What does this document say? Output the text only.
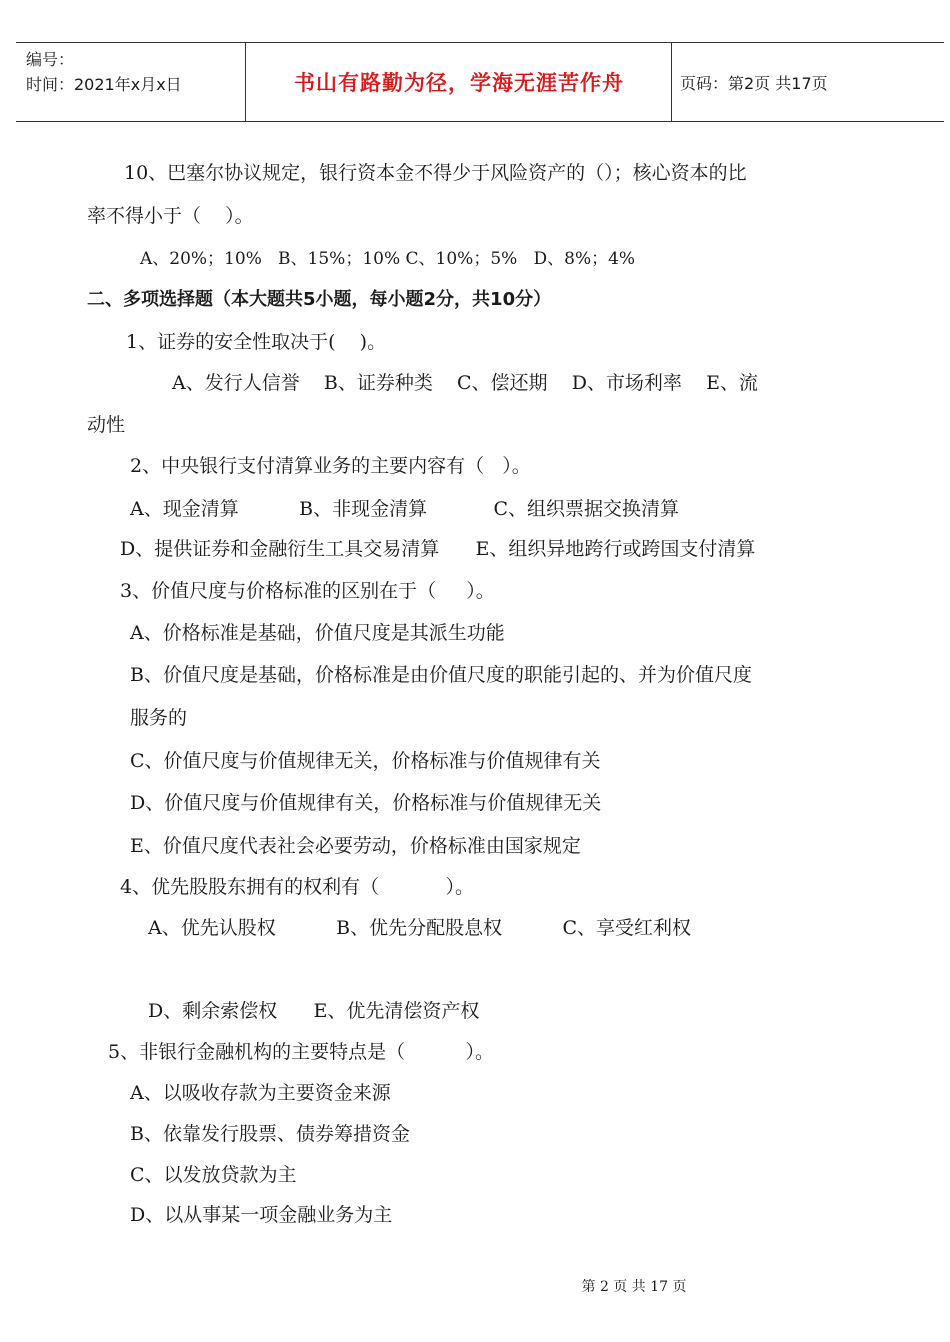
编号：
时间：2021年x月x日	书山有路勤为径，学海无涯苦作舟	页码：第2页 共17页
10、巴塞尔协议规定，银行资本金不得少于风险资产的（）；核心资本的比
率不得小于（    ）。
A、20%；10%   B、15%；10% C、10%；5%   D、8%；4%
二、多项选择题（本大题共5小题，每小题2分，共10分）
1、证券的安全性取决于(    )。
A、发行人信誉    B、证券种类    C、偿还期    D、市场利率    E、流
动性
2、中央银行支付清算业务的主要内容有（   ）。
A、现金清算          B、非现金清算           C、组织票据交换清算
D、提供证券和金融衍生工具交易清算      E、组织异地跨行或跨国支付清算
3、价值尺度与价格标准的区别在于（     ）。
A、价格标准是基础，价值尺度是其派生功能
B、价值尺度是基础，价格标准是由价值尺度的职能引起的、并为价值尺度
服务的
C、价值尺度与价值规律无关，价格标准与价值规律有关
D、价值尺度与价值规律有关，价格标准与价值规律无关
E、价值尺度代表社会必要劳动，价格标准由国家规定
4、优先股股东拥有的权利有（           ）。
A、优先认股权          B、优先分配股息权          C、享受红利权
D、剩余索偿权      E、优先清偿资产权
5、非银行金融机构的主要特点是（          ）。
A、以吸收存款为主要资金来源
B、依靠发行股票、债券筹措资金
C、以发放贷款为主
D、以从事某一项金融业务为主
第 2 页 共 17 页
